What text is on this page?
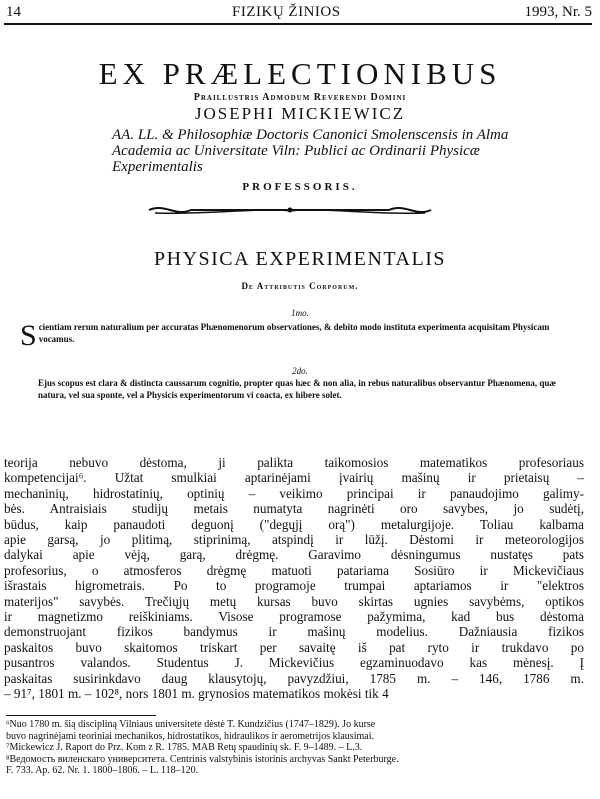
14	FIZIKŲ ŽINIOS	1993, Nr. 5
EX PRÆLECTIONIBUS
Praillustris Admodum Reverendi Domini
JOSEPHI MICKIEWICZ
AA. LL. & Philosophiæ Doctoris Canonici Smolenscensis in Alma Academia ac Universitate Viln: Publici ac Ordinarii Physicæ Experimentalis
PROFESSORIS.
PHYSICA EXPERIMENTALIS
De Attributis Corporum.
1mo.
S cientiam rerum naturalium per accuratas Phænomenorum observationes, & debito modo instituta experimenta acquisitam Physicam vocamus.
2do.
Ejus scopus est clara & distincta caussarum cognitio, propter quas hæc & non alia, in rebus naturalibus observantur Phænomena, quæ natura, vel sua sponte, vel a Physicis experimentorum vi coacta, ex hibere solet.
teorija nebuvo dėstoma, ji palikta taikomosios matematikos profesoriaus
kompetencijai⁶. Užtat smulkiai aptarinėjami įvairių mašinų ir prietaisų –
mechaninių, hidrostatinių, optinių – veikimo principai ir panaudojimo galimy-
bės. Antraisiais studijų metais numatyta nagrinėti oro savybes, jo sudėtį,
būdus, kaip panaudoti deguonį ("degųjį orą") metalurgijoje. Toliau kalbama
apie garsą, jo plitimą, stiprinimą, atspindį ir lūžį. Dėstomi ir meteorologijos
dalykai apie vėją, garą, drėgmę. Garavimo dėsningumus nustatęs pats
profesorius, o atmosferos drėgmę matuoti patariama Sosiūro ir Mickevičiaus
išrastais higrometrais. Po to programoje trumpai aptariamos ir "elektros
materijos" savybės. Trečiųjų metų kursas buvo skirtas ugnies savybėms, optikos
ir magnetizmo reiškiniams. Visose programose pažymima, kad bus dėstoma
demonstruojant fizikos bandymus ir mašinų modelius. Dažniausia fizikos
paskaitos buvo skaitomos triskart per savaitę iš pat ryto ir trukdavo po
pusantros valandos. Studentus J. Mickevičius egzaminuodavo kas mėnesį. Į
paskaitas susirinkdavo daug klausytojų, pavyzdžiui, 1785 m. – 146, 1786 m.
– 91⁷, 1801 m. – 102⁸, nors 1801 m. grynosios matematikos mokėsi tik 4
⁶Nuo 1780 m. šią discipliną Vilniaus universitete dėstė T. Kundzičius (1747–1829). Jo kurse
buvo nagrinėjami teoriniai mechanikos, hidrostatikos, hidraulikos ir aerometrijos klausimai.
⁷Mickewicz J. Raport do Prz. Kom z R. 1785. MAB Retų spaudinių sk. F. 9–1489. – L.3.
⁸Ведомость виленскаго университета. Centrinis valstybinis istorinis archyvas Sankt Peterburge.
F. 733. Ap. 62. Nr. 1. 1800–1806. – L. 118–120.
